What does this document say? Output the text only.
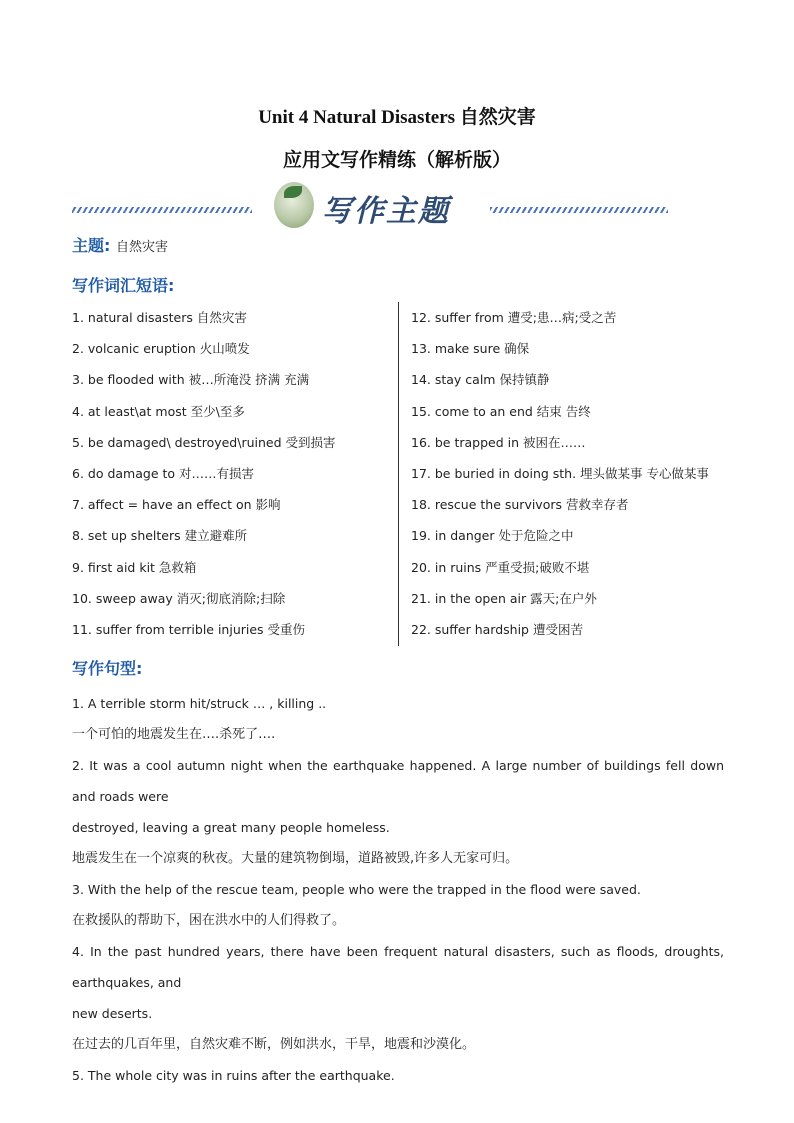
Unit 4 Natural Disasters 自然灾害
应用文写作精练（解析版）
写作主题
主题: 自然灾害
写作词汇短语:
1. natural disasters 自然灾害
2. volcanic eruption 火山喷发
3. be flooded with 被…所淹没 挤满 充满
4. at least\at most 至少\至多
5. be damaged\ destroyed\ruined 受到损害
6. do damage to 对……有损害
7. affect = have an effect on 影响
8. set up shelters 建立避难所
9. first aid kit 急救箱
10. sweep away 消灭;彻底消除;扫除
11. suffer from terrible injuries 受重伤
12. suffer from 遭受;患…病;受之苦
13. make sure 确保
14. stay calm 保持镇静
15. come to an end 结束 告终
16. be trapped in 被困在……
17. be buried in doing sth. 埋头做某事 专心做某事
18. rescue the survivors 营救幸存者
19. in danger 处于危险之中
20. in ruins 严重受损;破败不堪
21. in the open air 露天;在户外
22. suffer hardship 遭受困苦
写作句型:
1. A terrible storm hit/struck … , killing ..
一个可怕的地震发生在….杀死了….
2. It was a cool autumn night when the earthquake happened. A large number of buildings fell down and roads were
destroyed, leaving a great many people homeless.
地震发生在一个凉爽的秋夜。大量的建筑物倒塌，道路被毁,许多人无家可归。
3. With the help of the rescue team, people who were the trapped in the flood were saved.
在救援队的帮助下，困在洪水中的人们得救了。
4. In the past hundred years, there have been frequent natural disasters, such as floods, droughts, earthquakes, and
new deserts.
在过去的几百年里，自然灾难不断，例如洪水，干旱，地震和沙漠化。
5. The whole city was in ruins after the earthquake.
